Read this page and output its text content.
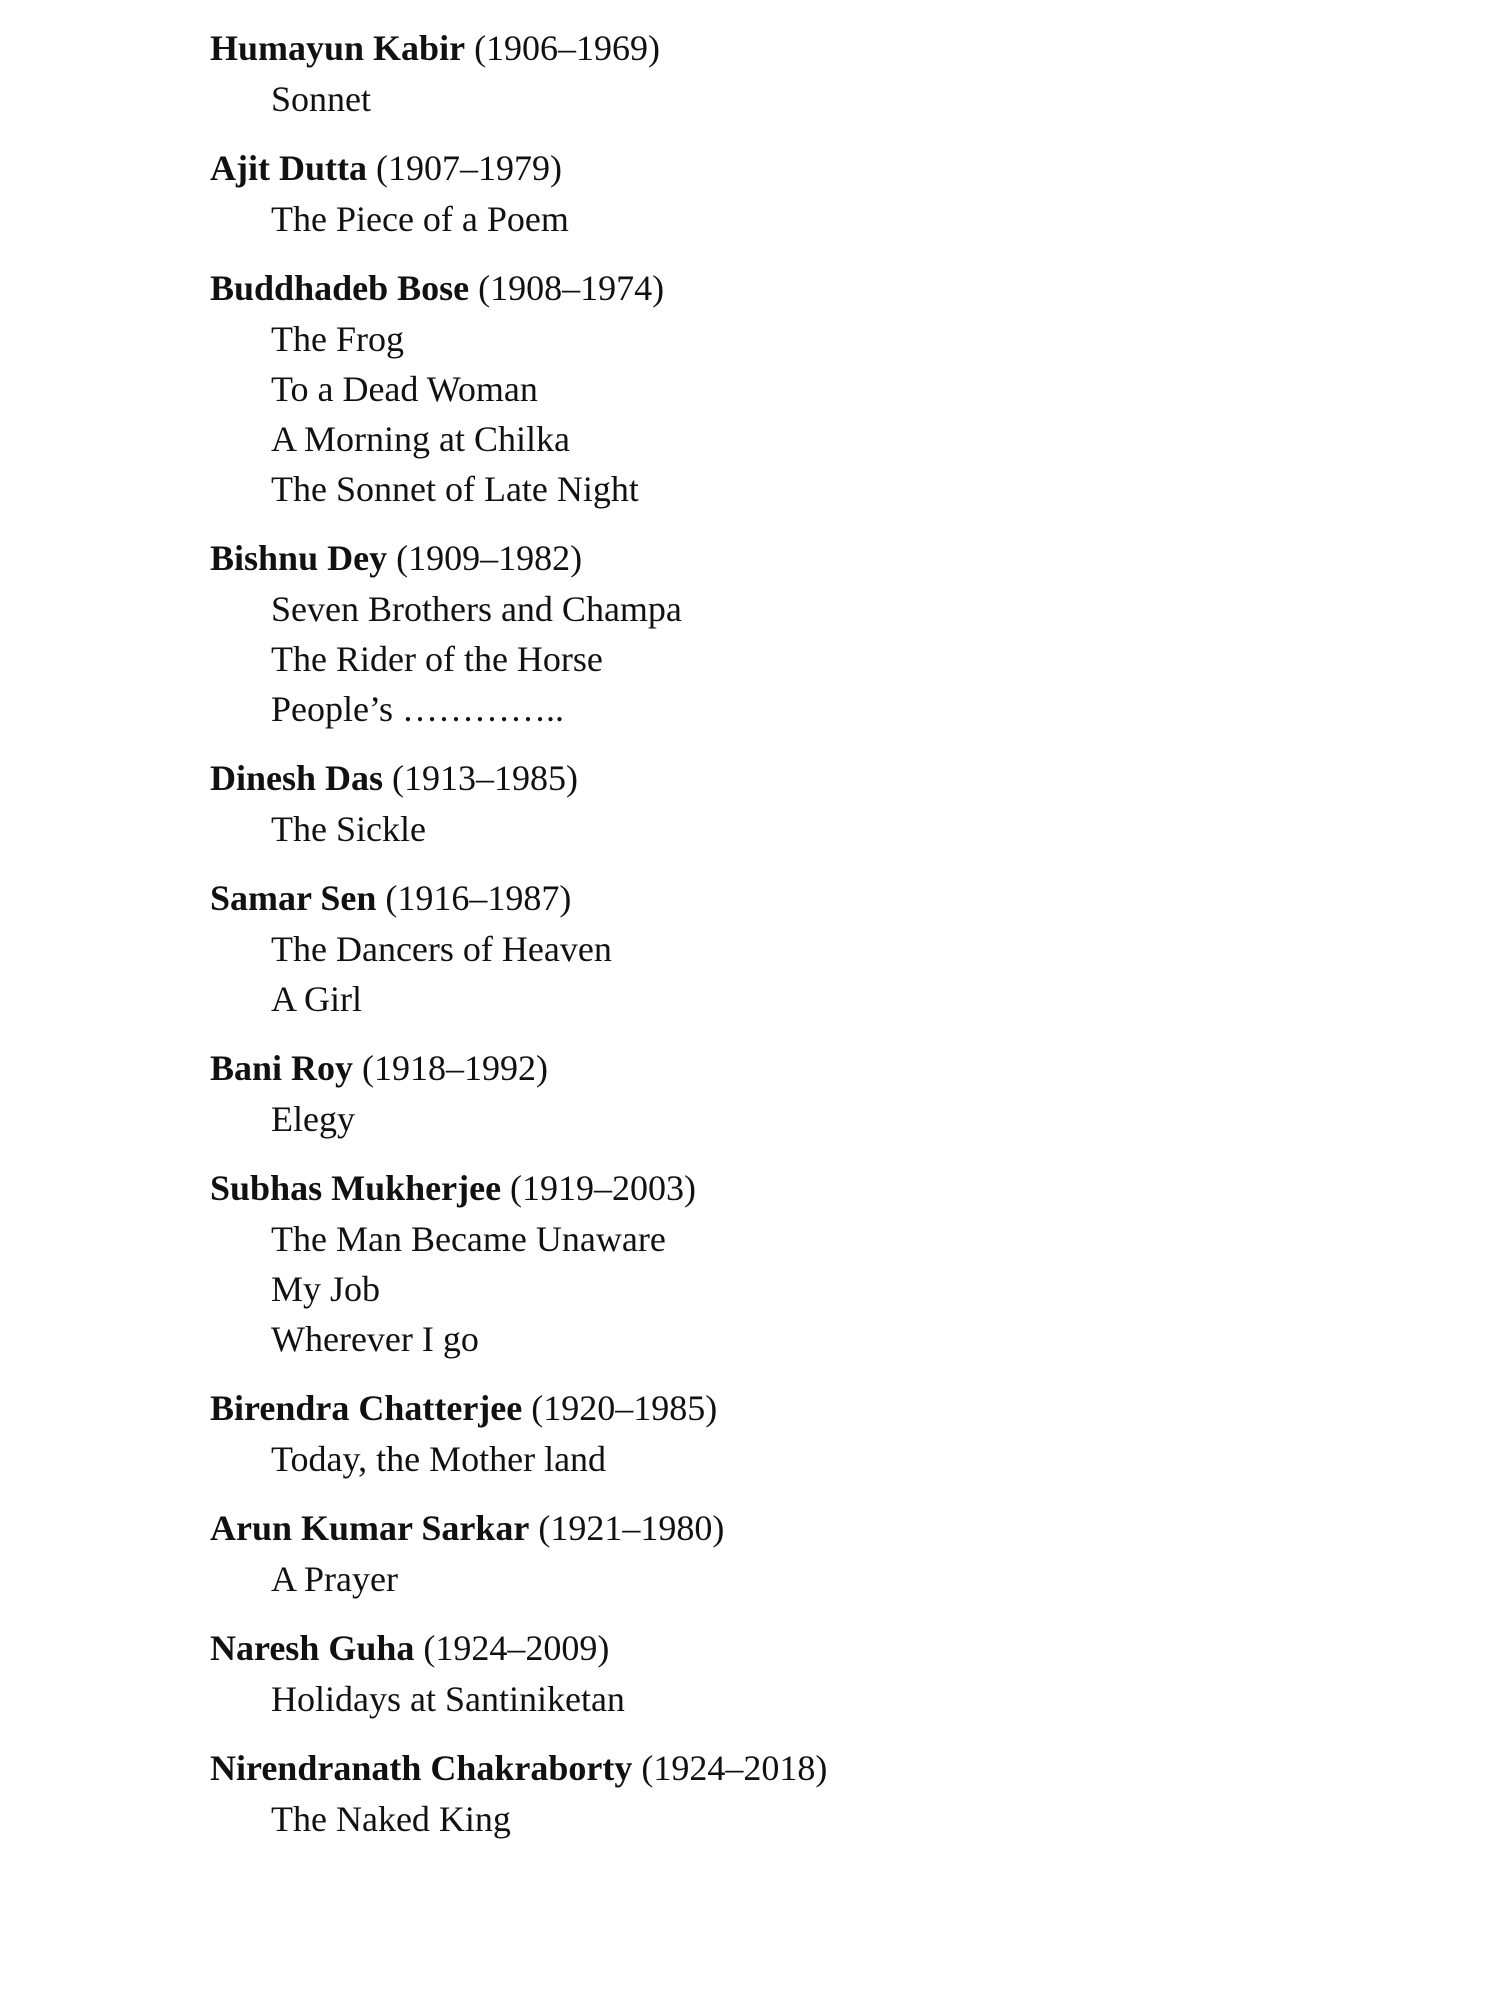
Humayun Kabir (1906–1969)
Sonnet
Ajit Dutta (1907–1979)
The Piece of a Poem
Buddhadeb Bose (1908–1974)
The Frog
To a Dead Woman
A Morning at Chilka
The Sonnet of Late Night
Bishnu Dey (1909–1982)
Seven Brothers and Champa
The Rider of the Horse
People’s …………..
Dinesh Das (1913–1985)
The Sickle
Samar Sen (1916–1987)
The Dancers of Heaven
A Girl
Bani Roy (1918–1992)
Elegy
Subhas Mukherjee (1919–2003)
The Man Became Unaware
My Job
Wherever I go
Birendra Chatterjee (1920–1985)
Today, the Mother land
Arun Kumar Sarkar (1921–1980)
A Prayer
Naresh Guha (1924–2009)
Holidays at Santiniketan
Nirendranath Chakraborty (1924–2018)
The Naked King
